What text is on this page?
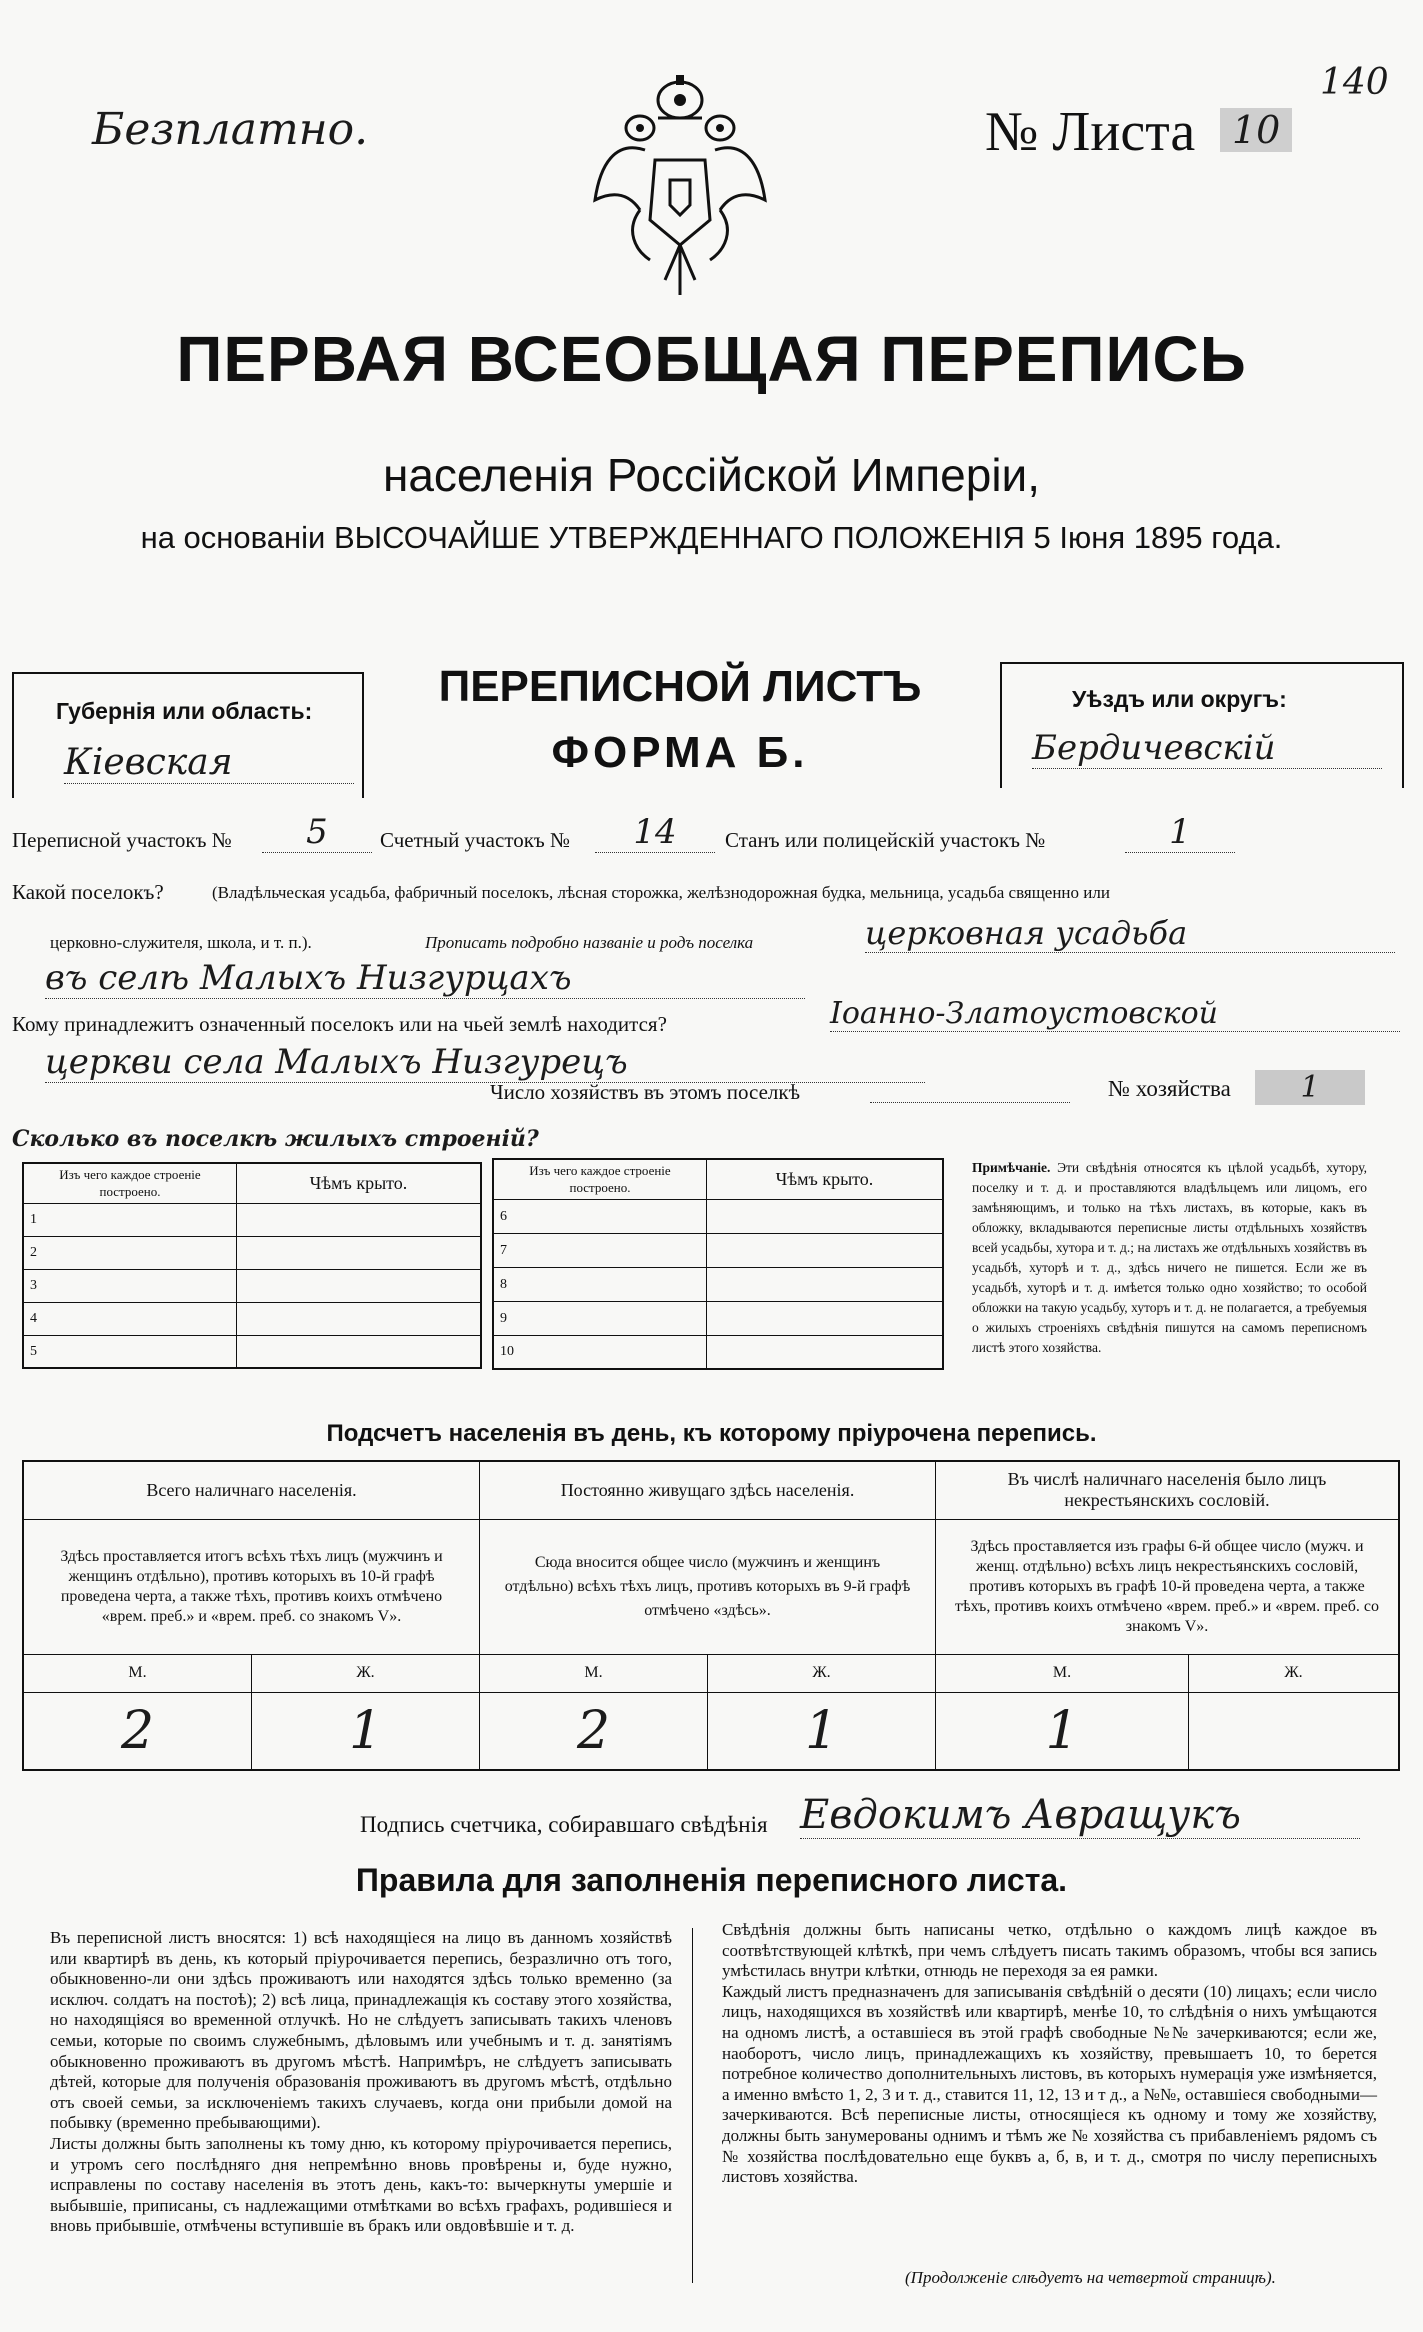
Безплатно.	№ Листа 10
140
ПЕРВАЯ ВСЕОБЩАЯ ПЕРЕПИСЬ
населенія Россійской Имперіи,
на основаніи ВЫСОЧАЙШЕ УТВЕРЖДЕННАГО ПОЛОЖЕНІЯ 5 Іюня 1895 года.
Губернія или область:
Кіевская
ПЕРЕПИСНОЙ ЛИСТЪ
ФОРМА Б.
Уѣздъ или округъ:
Бердичевскій
Переписной участокъ №	5	Счетный участокъ №	14	Станъ или полицейскій участокъ №	1
Какой поселокъ?	(Владѣльческая усадьба, фабричный поселокъ, лѣсная сторожка, желѣзнодорожная будка, мельница, усадьба священно или
церковно-служителя, школа, и т. п.).	Прописать подробно названіе и родъ поселка	церковная усадьба
въ селѣ Малыхъ Низгурцахъ
Кому принадлежитъ означенный поселокъ или на чьей землѣ находится?	Іоанно-Златоустовской
церкви села Малыхъ Низгурецъ
Число хозяйствъ въ этомъ поселкѣ	№ хозяйства	1
Сколько въ поселкѣ жилыхъ строеній?
Изъ чего каждое строеніе построено.	Чѣмъ крыто.
1	
2	
3	
4	
5	
Изъ чего каждое строеніе построено.	Чѣмъ крыто.
6	
7	
8	
9	
10	
Примѣчаніе. Эти свѣдѣнія относятся къ цѣлой усадьбѣ, хутору, поселку и т. д. и проставляются владѣльцемъ или лицомъ, его замѣняющимъ, и только на тѣхъ листахъ, въ которые, какъ въ обложку, вкладываются переписные листы отдѣльныхъ хозяйствъ всей усадьбы, хутора и т. д.; на листахъ же отдѣльныхъ хозяйствъ въ усадьбѣ, хуторѣ и т. д., здѣсь ничего не пишется. Если же въ усадьбѣ, хуторѣ и т. д. имѣется только одно хозяйство; то особой обложки на такую усадьбу, хуторъ и т. д. не полагается, а требуемыя о жилыхъ строеніяхъ свѣдѣнія пишутся на самомъ переписномъ листѣ этого хозяйства.
Подсчетъ населенія въ день, къ которому пріурочена перепись.
Всего наличнаго населенія.		Постоянно живущаго здѣсь населенія.		Въ числѣ наличнаго населенія было лицъ некрестьянскихъ сословій.	
Здѣсь проставляется итогъ всѣхъ тѣхъ лицъ (мужчинъ и женщинъ отдѣльно), противъ которыхъ въ 10-й графѣ проведена черта, а также тѣхъ, противъ коихъ отмѣчено «врем. преб.» и «врем. преб. со знакомъ V».		Сюда вносится общее число (мужчинъ и женщинъ отдѣльно) всѣхъ тѣхъ лицъ, противъ которыхъ въ 9-й графѣ отмѣчено «здѣсь».		Здѣсь проставляется изъ графы 6-й общее число (мужч. и женщ. отдѣльно) всѣхъ лицъ некрестьянскихъ сословій, противъ которыхъ въ графѣ 10-й проведена черта, а также тѣхъ, противъ коихъ отмѣчено «врем. преб.» и «врем. преб. со знакомъ V».	
М.	Ж.	М.	Ж.	М.	Ж.
2	1	2	1	1	
Подпись счетчика, собиравшаго свѣдѣнія Евдокимъ Авращукъ
Правила для заполненія переписного листа.
Въ переписной листъ вносятся: 1) всѣ находящіеся на лицо въ данномъ хозяйствѣ или квартирѣ въ день, къ который пріурочивается перепись, безразлично отъ того, обыкновенно-ли они здѣсь проживаютъ или находятся здѣсь только временно (за исключ. солдатъ на постоѣ); 2) всѣ лица, принадлежащія къ составу этого хозяйства, но находящіяся во временной отлучкѣ. Но не слѣдуетъ записывать такихъ членовъ семьи, которые по своимъ служебнымъ, дѣловымъ или учебнымъ и т. д. занятіямъ обыкновенно проживаютъ въ другомъ мѣстѣ. Напримѣръ, не слѣдуетъ записывать дѣтей, которые для полученія образованія проживаютъ въ другомъ мѣстѣ, отдѣльно отъ своей семьи, за исключеніемъ такихъ случаевъ, когда они прибыли домой на побывку (временно пребывающими).
Листы должны быть заполнены къ тому дню, къ которому пріурочивается перепись, и утромъ сего послѣдняго дня непремѣнно вновь провѣрены и, буде нужно, исправлены по составу населенія въ этотъ день, какъ-то: вычеркнуты умершіе и выбывшіе, приписаны, съ надлежащими отмѣтками во всѣхъ графахъ, родившіеся и вновь прибывшіе, отмѣчены вступившіе въ бракъ или овдовѣвшіе и т. д.
Свѣдѣнія должны быть написаны четко, отдѣльно о каждомъ лицѣ каждое въ соотвѣтствующей клѣткѣ, при чемъ слѣдуетъ писать такимъ образомъ, чтобы вся запись умѣстилась внутри клѣтки, отнюдь не переходя за ея рамки.
Каждый листъ предназначенъ для записыванія свѣдѣній о десяти (10) лицахъ; если число лицъ, находящихся въ хозяйствѣ или квартирѣ, менѣе 10, то слѣдѣнія о нихъ умѣщаются на одномъ листѣ, а оставшіеся въ этой графѣ свободные №№ зачеркиваются; если же, наоборотъ, число лицъ, принадлежащихъ къ хозяйству, превышаетъ 10, то берется потребное количество дополнительныхъ листовъ, въ которыхъ нумерація уже измѣняется, а именно вмѣсто 1, 2, 3 и т. д., ставится 11, 12, 13 и т д., а №№, оставшіеся свободными—зачеркиваются. Всѣ переписные листы, относящіеся къ одному и тому же хозяйству, должны быть занумерованы однимъ и тѣмъ же № хозяйства съ прибавленіемъ рядомъ съ № хозяйства послѣдовательно еще буквъ а, б, в, и т. д., смотря по числу переписныхъ листовъ хозяйства.
(Продолженіе слѣдуетъ на четвертой страницѣ).
